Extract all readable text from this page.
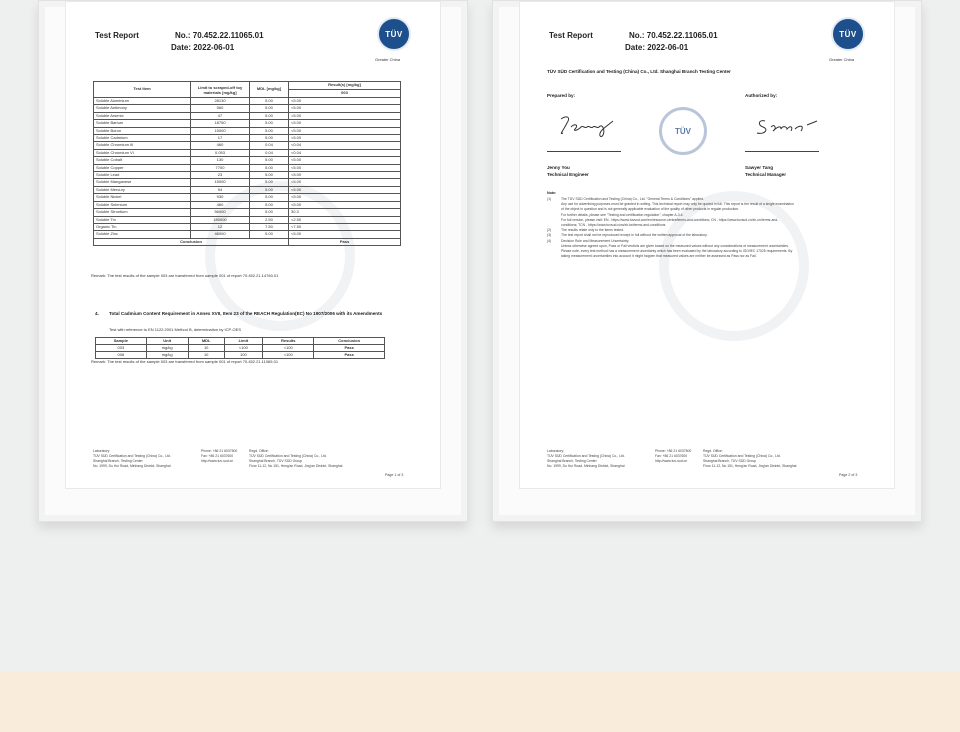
Test Report	No.: 70.452.22.11065.01
Date: 2022-06-01
TÜV
Greater China
Test Item	Limit to scraped-off toy materials [mg/kg]	MDL [mg/kg]	Result(s) [mg/kg]
			003
Soluble Aluminium	28130	5.00	<5.00
Soluble Antimony	560	5.00	<5.00
Soluble Arsenic	47	5.00	<5.00
Soluble Barium	18750	5.00	<5.00
Soluble Boron	15000	5.00	<5.00
Soluble Cadmium	17	5.00	<5.00
Soluble Chromium III	460	0.04	<0.04
Soluble Chromium VI	0.053	0.04	<0.04
Soluble Cobalt	130	5.00	<5.00
Soluble Copper	7700	5.00	<5.00
Soluble Lead	23	5.00	<5.00
Soluble Manganese	15000	5.00	<5.00
Soluble Mercury	94	5.00	<5.00
Soluble Nickel	930	5.00	<5.00
Soluble Selenium	460	5.00	<5.00
Soluble Strontium	56000	5.00	30.3
Soluble Tin	180000	2.50	<2.50
Organic Tin	12	7.50	<7.50
Soluble Zinc	46000	5.00	<5.00
Conclusion			Pass
Remark: The test results of the sample 003 are transferred from sample 001 of report 70.452.21.14760.01
4. Total Cadmium Content Requirement in Annex XVII, Item 23 of the REACH Regulation(EC) No 1907/2006 with its Amendments
Test with reference to EN 1122:2001 Method B, determination by ICP-OES
Sample	Unit	MDL	Limit	Results	Conclusion
003	mg/kg	10	<100	<100	Pass
006	mg/kg	10	100	<100	Pass
Remark: The test results of the sample 003 are transferred from sample 001 of report 70.452.21.11065.01
Laboratory:
TÜV SÜD Certification and Testing (China) Co., Ltd.
Shanghai Branch, Testing Center
No. 1999, Du Hui Road, Minhang District, Shanghai
Phone: +86 21 6037500
Fax: +86 21 6037600
http://www.tuv-sud.cn
Regd. Office:
TÜV SÜD Certification and Testing (China) Co., Ltd.
Shanghai Branch, TÜV SÜD Group
Floor 11-12, No 151, Heng'an Road, Jing'an District, Shanghai
Page 1 of 3
Test Report	No.: 70.452.22.11065.01
Date: 2022-06-01
TÜV
Greater China
TÜV SÜD Certification and Testing (China) Co., Ltd. Shanghai Branch Testing Center
Prepared by:	Authorized by:
TÜV
Jenny You
Technical Engineer
Sawyer Tang
Technical Manager
Note:
(1)	The TÜV SÜD Certification and Testing (China) Co., Ltd. "General Terms & Conditions" applied.
Any use for advertising purposes must be granted in writing. This technical report may only be quoted in full. This report is the result of a single examination
of the object in question and is not generally applicable evaluation of the quality of other products in regular production.
For further details, please see "Testing and certification regulation", chapter A-3.4.
For full version, please visit: EN - https://www.tuvsud.com/en/resource-centre/terms-and-conditions; CN - https://www.tuvsud.cn/zh-cn/terms-and-
conditions; TCN - https://www.tuvsud.com/zh-tw/terms-and-conditions
(2)	The results relate only to the items tested.
(3)	The test report shall not be reproduced except in full without the written approval of the laboratory.
(4)	Decision Rule and Measurement Uncertainty:
Unless otherwise agreed upon, Pass or Fail verdicts are given based on the measured values without any considerations of measurement uncertainties.
Please note, every test method has a measurement uncertainty which has been evaluated by the laboratory according to ISO/IEC 17025 requirements. By
taking measurement uncertainties into account it might happen that measured values are neither be assessed as Pass nor as Fail.
Laboratory:
TÜV SÜD Certification and Testing (China) Co., Ltd.
Shanghai Branch, Testing Center
No. 1999, Du Hui Road, Minhang District, Shanghai
Phone: +86 21 6037500
Fax: +86 21 6037600
http://www.tuv-sud.cn
Regd. Office:
TÜV SÜD Certification and Testing (China) Co., Ltd.
Shanghai Branch, TÜV SÜD Group
Floor 11-12, No 151, Heng'an Road, Jing'an District, Shanghai
Page 2 of 3
